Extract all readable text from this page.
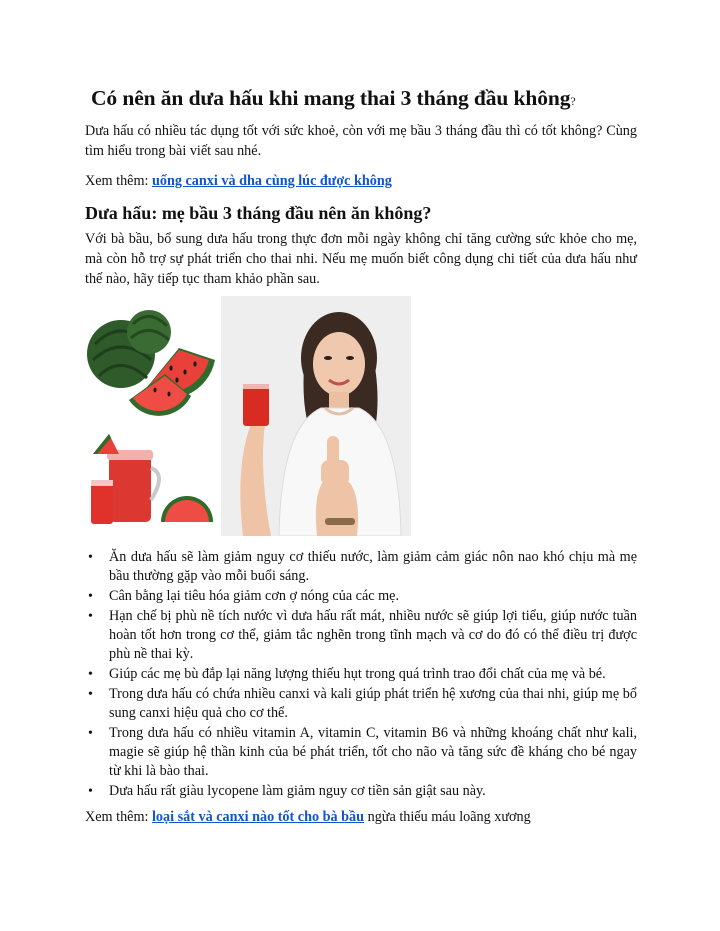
Có nên ăn dưa hấu khi mang thai 3 tháng đầu không?

Dưa hấu có nhiều tác dụng tốt với sức khoẻ, còn với mẹ bầu 3 tháng đầu thì có tốt không? Cùng tìm hiểu trong bài viết sau nhé.

Xem thêm: uống canxi và dha cùng lúc được không

Dưa hấu: mẹ bầu 3 tháng đầu nên ăn không?

Với bà bầu, bổ sung dưa hấu trong thực đơn mỗi ngày không chỉ tăng cường sức khỏe cho mẹ, mà còn hỗ trợ sự phát triển cho thai nhi. Nếu mẹ muốn biết công dụng chi tiết của dưa hấu như thế nào, hãy tiếp tục tham khảo phần sau.

• Ăn dưa hấu sẽ làm giảm nguy cơ thiếu nước, làm giảm cảm giác nôn nao khó chịu mà mẹ bầu thường gặp vào mỗi buổi sáng.
• Cân bằng lại tiêu hóa giảm cơn ợ nóng của các mẹ.
• Hạn chế bị phù nề tích nước vì dưa hấu rất mát, nhiều nước sẽ giúp lợi tiểu, giúp nước tuần hoàn tốt hơn trong cơ thể, giảm tắc nghẽn trong tĩnh mạch và cơ do đó có thể điều trị được phù nề thai kỳ.
• Giúp các mẹ bù đắp lại năng lượng thiếu hụt trong quá trình trao đổi chất của mẹ và bé.
• Trong dưa hấu có chứa nhiều canxi và kali giúp phát triển hệ xương của thai nhi, giúp mẹ bổ sung canxi hiệu quả cho cơ thể.
• Trong dưa hấu có nhiều vitamin A, vitamin C, vitamin B6 và những khoáng chất như kali, magie sẽ giúp hệ thần kinh của bé phát triển, tốt cho não và tăng sức đề kháng cho bé ngay từ khi là bào thai.
• Dưa hấu rất giàu lycopene làm giảm nguy cơ tiền sản giật sau này.

Xem thêm: loại sắt và canxi nào tốt cho bà bầu ngừa thiếu máu loãng xương
